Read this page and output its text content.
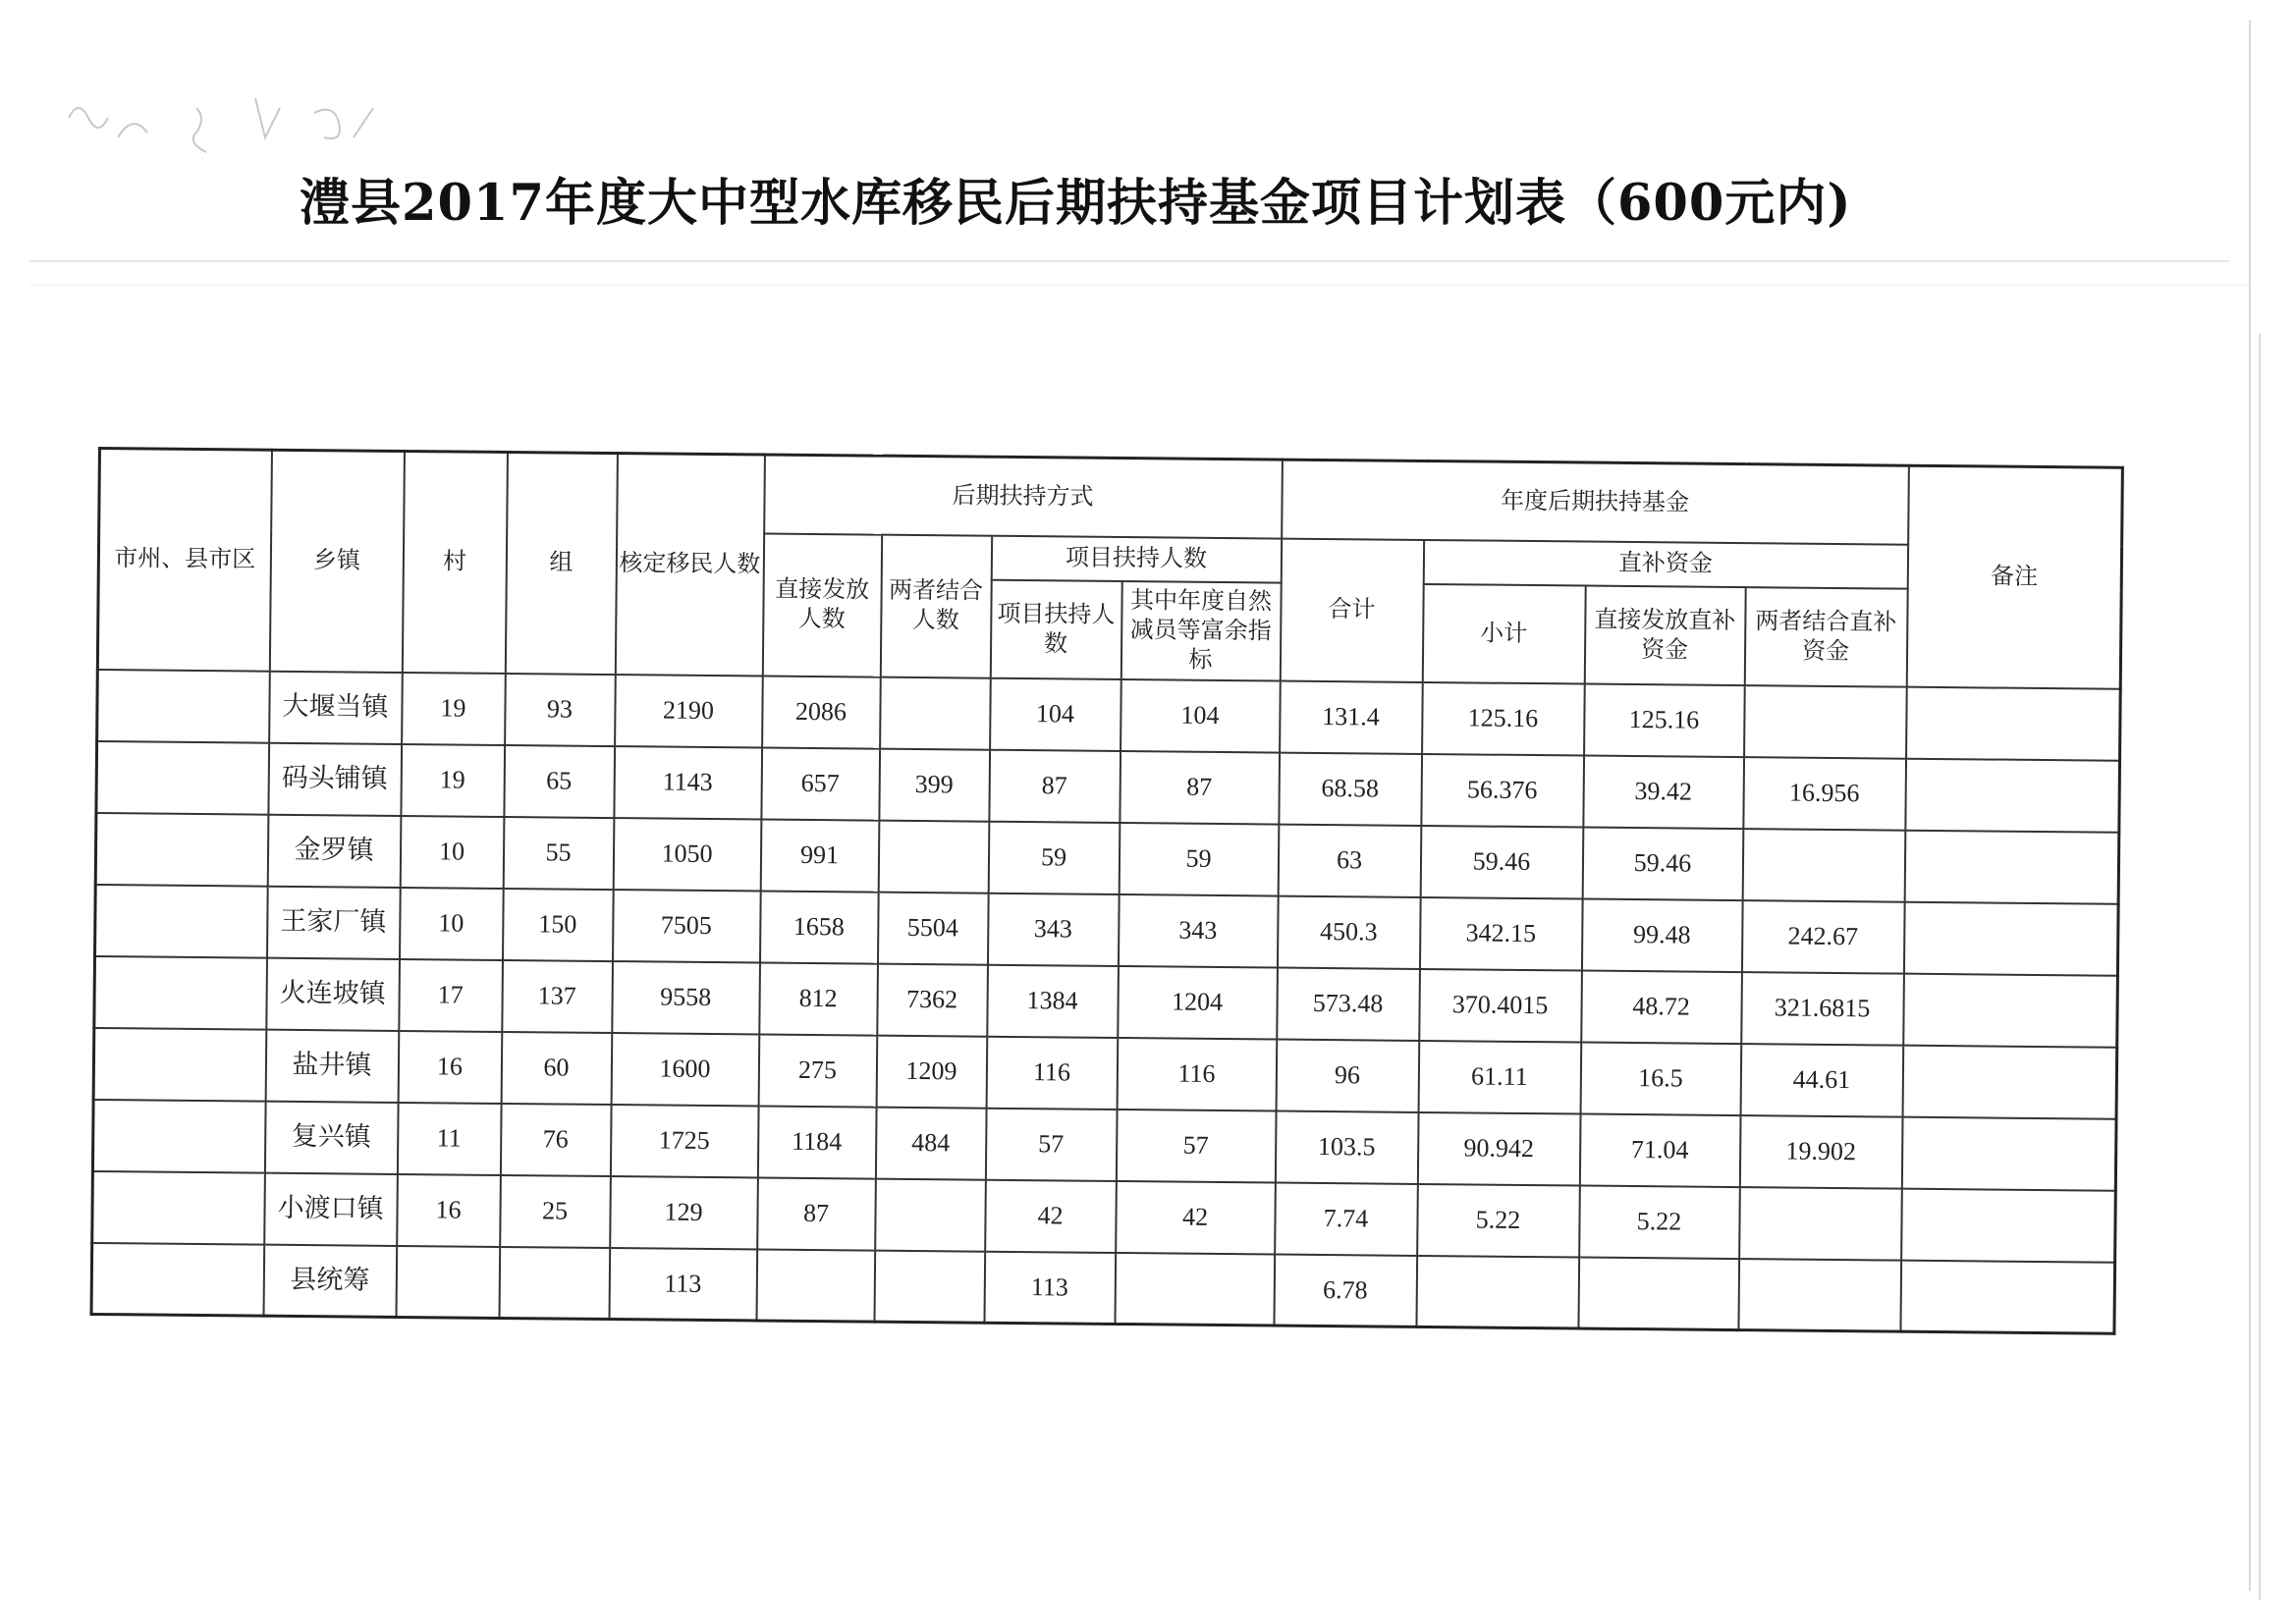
澧县2017年度大中型水库移民后期扶持基金项目计划表（600元内)
市州、县市区	乡镇	村	组	核定移民人数	后期扶持方式				年度后期扶持基金				备注
					直接发放人数	两者结合人数	项目扶持人数		合计	直补资金			
							项目扶持人数	其中年度自然减员等富余指标		小计	直接发放直补资金	两者结合直补资金	
	大堰当镇	19	93	2190	2086		104	104	131.4	125.16	125.16		
	码头铺镇	19	65	1143	657	399	87	87	68.58	56.376	39.42	16.956	
	金罗镇	10	55	1050	991		59	59	63	59.46	59.46		
	王家厂镇	10	150	7505	1658	5504	343	343	450.3	342.15	99.48	242.67	
	火连坡镇	17	137	9558	812	7362	1384	1204	573.48	370.4015	48.72	321.6815	
	盐井镇	16	60	1600	275	1209	116	116	96	61.11	16.5	44.61	
	复兴镇	11	76	1725	1184	484	57	57	103.5	90.942	71.04	19.902	
	小渡口镇	16	25	129	87		42	42	7.74	5.22	5.22		
	县统筹			113			113		6.78				
